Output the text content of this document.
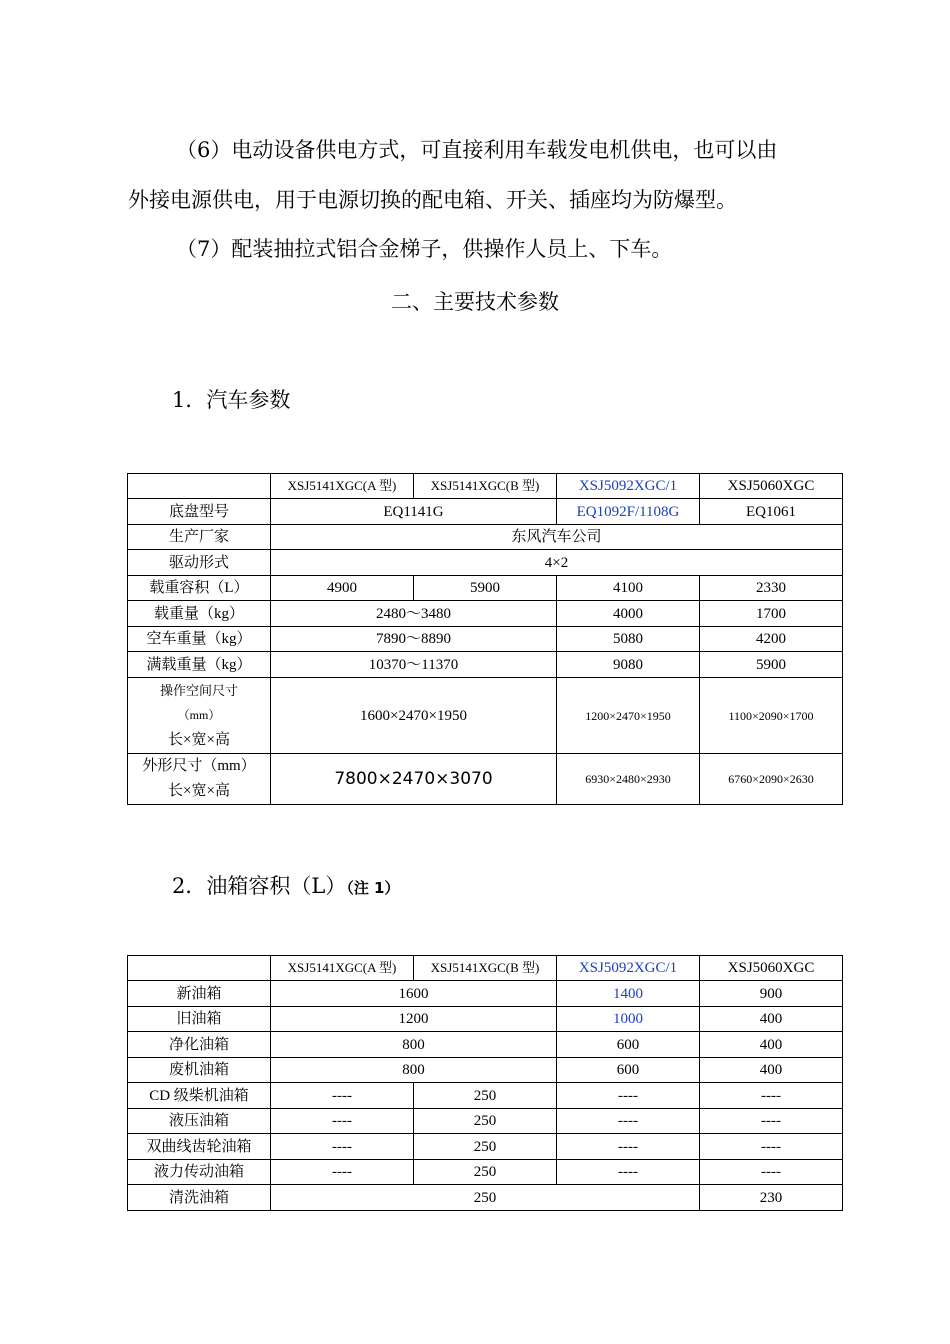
（6）电动设备供电方式，可直接利用车载发电机供电，也可以由
外接电源供电，用于电源切换的配电箱、开关、插座均为防爆型。
（7）配装抽拉式铝合金梯子，供操作人员上、下车。
二、主要技术参数
1．汽车参数
	XSJ5141XGC(A 型)	XSJ5141XGC(B 型)	XSJ5092XGC/1	XSJ5060XGC
底盘型号	EQ1141G		EQ1092F/1108G	EQ1061
生产厂家	东风汽车公司			
驱动形式	4×2			
载重容积（L）	4900	5900	4100	2330
载重量（kg）	2480～3480		4000	1700
空车重量（kg）	7890～8890		5080	4200
满载重量（kg）	10370～11370		9080	5900

操作空间尺寸
（mm）
长×宽×高	1600×2470×1950		1200×2470×1950	1100×2090×1700

外形尺寸（mm）
长×宽×高	7800×2470×3070		6930×2480×2930	6760×2090×2630
2．油箱容积（L）（注 1）
	XSJ5141XGC(A 型)	XSJ5141XGC(B 型)	XSJ5092XGC/1	XSJ5060XGC
新油箱	1600		1400	900
旧油箱	1200		1000	400
净化油箱	800		600	400
废机油箱	800		600	400
CD 级柴机油箱	----	250	----	----
液压油箱	----	250	----	----
双曲线齿轮油箱	----	250	----	----
液力传动油箱	----	250	----	----
清洗油箱	250			230
